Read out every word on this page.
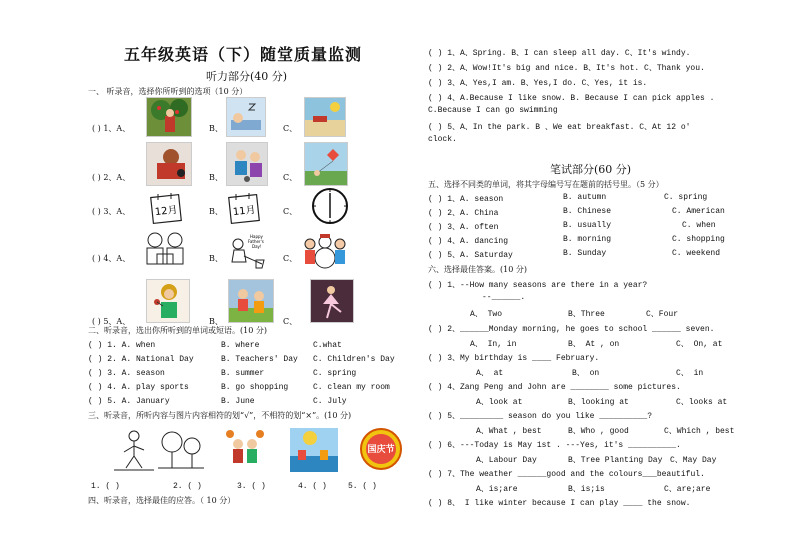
五年级英语（下）随堂质量监测
听力部分(40 分)
一、 听录音，选择你所听到的选项（10 分）
( ) 1、A、	B、	C、
( ) 2、A、	B、	C、
( ) 3、A、	B、	C、
( ) 4、A、	B、	C、
( ) 5、A、	B、	C、
12月	11月
Happy
Father's
Day!
二、听录音，选出你所听到的单词或短语。(10 分)
( ) 1. A. when	B. where	C.what
( ) 2. A. National Day	B. Teachers' Day C. Children's Day
( ) 3. A. season	B. summer	C. spring
( ) 4. A. play sports	B. go shopping	C. clean my room
( ) 5. A. January	B. June	C. July
三、听录音，所听内容与图片内容相符的划“√”，不相符的划“×”。(10 分)
国庆节
1. ( )	2. ( )	3. ( )	4. ( )	5. ( )
四、听录音，选择最佳的应答。（ 10 分）
( ) 1、A、Spring. B、I can sleep all day. C、It's windy.
( ) 2、A、Wow!It's big and nice. B、It's hot. C、Thank you.
( ) 3、A、Yes,I am. B、Yes,I do. C、Yes, it is.
( ) 4、A.Because I like snow. B. Because I can pick apples .
C.Because I can go swimming
( ) 5、A、In the park. B 、We eat breakfast. C、At 12 o'
clock.
笔试部分(60 分)
五、选择不同类的单词，将其字母编号写在题前的括号里。（5 分）
( ) 1、A. season	B. autumn	C. spring
( ) 2、A. China	B. Chinese	C. American
( ) 3、A. often	B. usually	C. when
( ) 4、A. dancing	B. morning	C. shopping
( ) 5、A. Saturday	B. Sunday	C. weekend
六、选择最佳答案。(10 分)
( ) 1、--How many seasons are there in a year?
--______.
A、 Two	B、Three	C、Four
( ) 2、______Monday morning, he goes to school ______ seven.
A、 In, in	B、 At , on	C、 On, at
( ) 3、My birthday is ____ February.
A、 at	B、 on	C、 in
( ) 4、Zang Peng and John are ________ some pictures.
A、look at	B、looking at	C、looks at
( ) 5、_________ season do you like __________?
A、What , best	B、Who , good	C、Which , best
( ) 6、---Today is May 1st . ---Yes, it's __________.
A、Labour Day	B、Tree Planting Day C、May Day
( ) 7、The weather ______good and the colours___beautiful.
A、is;are	B、is;is	C、are;are
( ) 8、 I like winter because I can play ____ the snow.
